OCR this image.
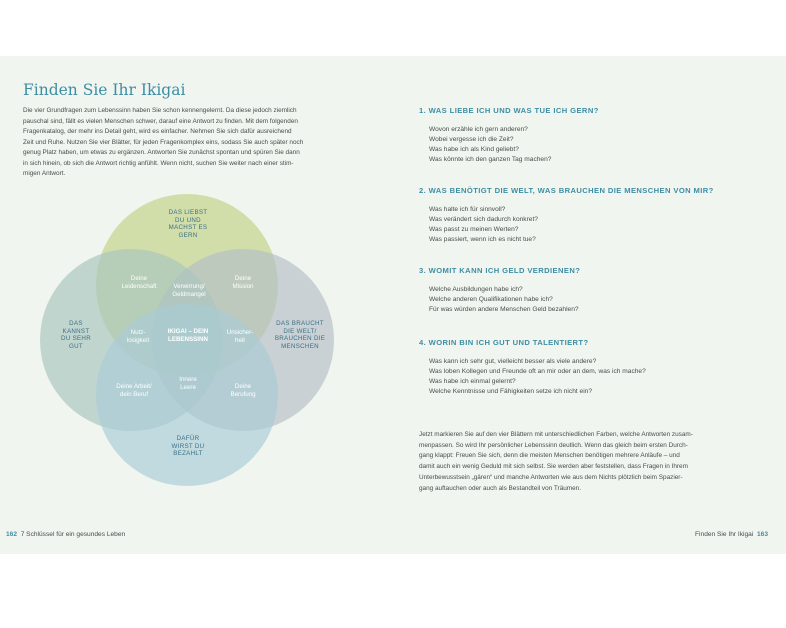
Finden Sie Ihr Ikigai
Die vier Grundfragen zum Lebenssinn haben Sie schon kennengelernt. Da diese jedoch ziemlich
pauschal sind, fällt es vielen Menschen schwer, darauf eine Antwort zu finden. Mit dem folgenden
Fragenkatalog, der mehr ins Detail geht, wird es einfacher. Nehmen Sie sich dafür ausreichend
Zeit und Ruhe. Nutzen Sie vier Blätter, für jeden Fragenkomplex eins, sodass Sie auch später noch
genug Platz haben, um etwas zu ergänzen. Antworten Sie zunächst spontan und spüren Sie dann
in sich hinein, ob sich die Antwort richtig anfühlt. Wenn nicht, suchen Sie weiter nach einer stim-
migen Antwort.
DAS LIEBST
DU UND
MACHST ES
GERN
DAS
KANNST
DU SEHR
GUT
DAS BRAUCHT
DIE WELT/
BRAUCHEN DIE
MENSCHEN
DAFÜR
WIRST DU
BEZAHLT
Deine
Leidenschaft
Deine
Mission
Verwirrung/
Geldmangel
Nutz-
losigkeit
IKIGAI – DEIN
LEBENSSINN
Unsicher-
heit
Innere
Leere
Deine Arbeit/
dein Beruf
Deine
Berufung
1. WAS LIEBE ICH UND WAS TUE ICH GERN?
Wovon erzähle ich gern anderen?
Wobei vergesse ich die Zeit?
Was habe ich als Kind geliebt?
Was könnte ich den ganzen Tag machen?
2. WAS BENÖTIGT DIE WELT, WAS BRAUCHEN DIE MENSCHEN VON MIR?
Was halte ich für sinnvoll?
Was verändert sich dadurch konkret?
Was passt zu meinen Werten?
Was passiert, wenn ich es nicht tue?
3. WOMIT KANN ICH GELD VERDIENEN?
Welche Ausbildungen habe ich?
Welche anderen Qualifikationen habe ich?
Für was würden andere Menschen Geld bezahlen?
4. WORIN BIN ICH GUT UND TALENTIERT?
Was kann ich sehr gut, vielleicht besser als viele andere?
Was loben Kollegen und Freunde oft an mir oder an dem, was ich mache?
Was habe ich einmal gelernt?
Welche Kenntnisse und Fähigkeiten setze ich nicht ein?
Jetzt markieren Sie auf den vier Blättern mit unterschiedlichen Farben, welche Antworten zusam-
menpassen. So wird Ihr persönlicher Lebenssinn deutlich. Wenn das gleich beim ersten Durch-
gang klappt: Freuen Sie sich, denn die meisten Menschen benötigen mehrere Anläufe – und
damit auch ein wenig Geduld mit sich selbst. Sie werden aber feststellen, dass Fragen in Ihrem
Unterbewusstsein „gären“ und manche Antworten wie aus dem Nichts plötzlich beim Spazier-
gang auftauchen oder auch als Bestandteil von Träumen.
162 7 Schlüssel für ein gesundes Leben	Finden Sie Ihr Ikigai 163
